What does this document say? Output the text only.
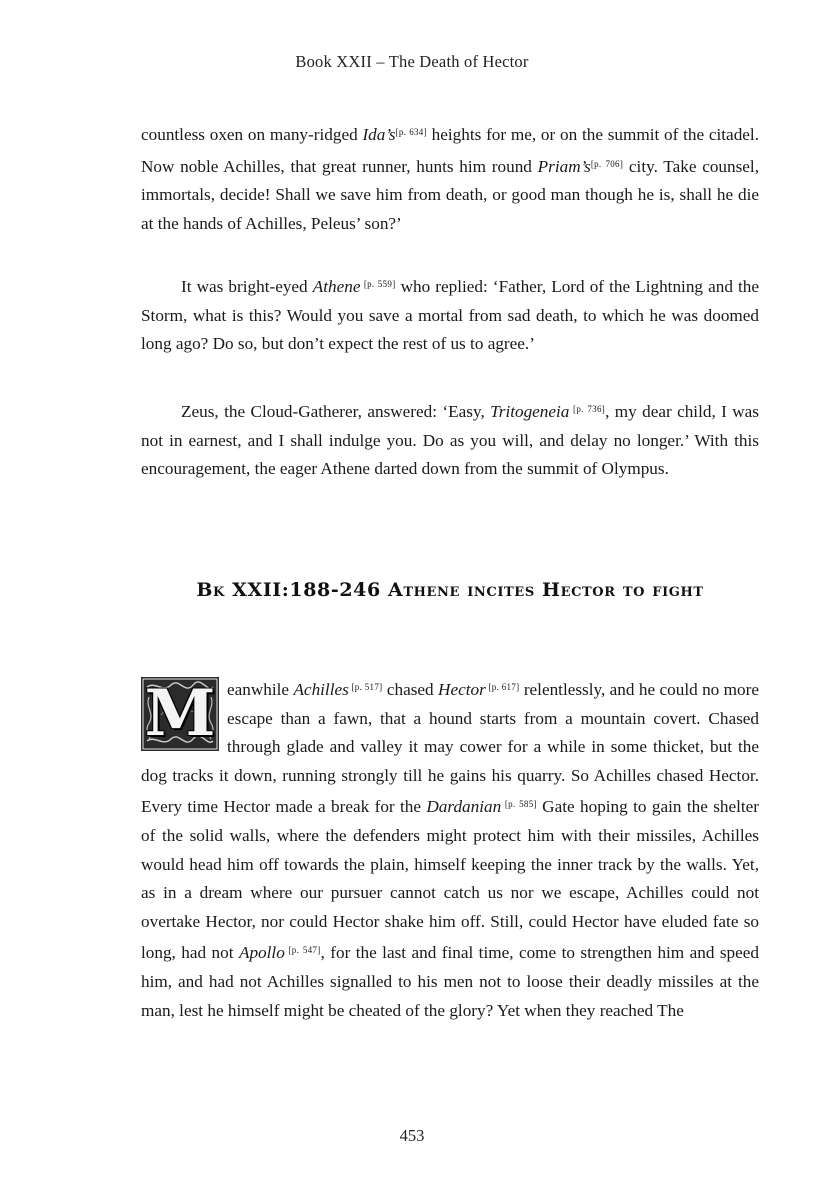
Book XXII – The Death of Hector

countless oxen on many-ridged Ida’s[p. 634] heights for me, or on the summit of the citadel. Now noble Achilles, that great runner, hunts him round Priam’s[p. 706] city. Take counsel, immortals, decide! Shall we save him from death, or good man though he is, shall he die at the hands of Achilles, Peleus’ son?’

It was bright-eyed Athene [p. 559] who replied: ‘Father, Lord of the Lightning and the Storm, what is this? Would you save a mortal from sad death, to which he was doomed long ago? Do so, but don’t expect the rest of us to agree.’

Zeus, the Cloud-Gatherer, answered: ‘Easy, Tritogeneia [p. 736], my dear child, I was not in earnest, and I shall indulge you. Do as you will, and delay no longer.’ With this encouragement, the eager Athene darted down from the summit of Olympus.

Bk XXII:188-246 Athene incites Hector to fight
M eanwhile Achilles [p. 517] chased Hector [p. 617] relentlessly, and he could no more escape than a fawn, that a hound starts from a mountain covert. Chased through glade and valley it may cower for a while in some thicket, but the dog tracks it down, running strongly till he gains his quarry. So Achilles chased Hector. Every time Hector made a break for the Dardanian [p. 585] Gate hoping to gain the shelter of the solid walls, where the defenders might protect him with their missiles, Achilles would head him off towards the plain, himself keeping the inner track by the walls. Yet, as in a dream where our pursuer cannot catch us nor we escape, Achilles could not overtake Hector, nor could Hector shake him off. Still, could Hector have eluded fate so long, had not Apollo [p. 547], for the last and final time, come to strengthen him and speed him, and had not Achilles signalled to his men not to loose their deadly missiles at the man, lest he himself might be cheated of the glory? Yet when they reached The

453
